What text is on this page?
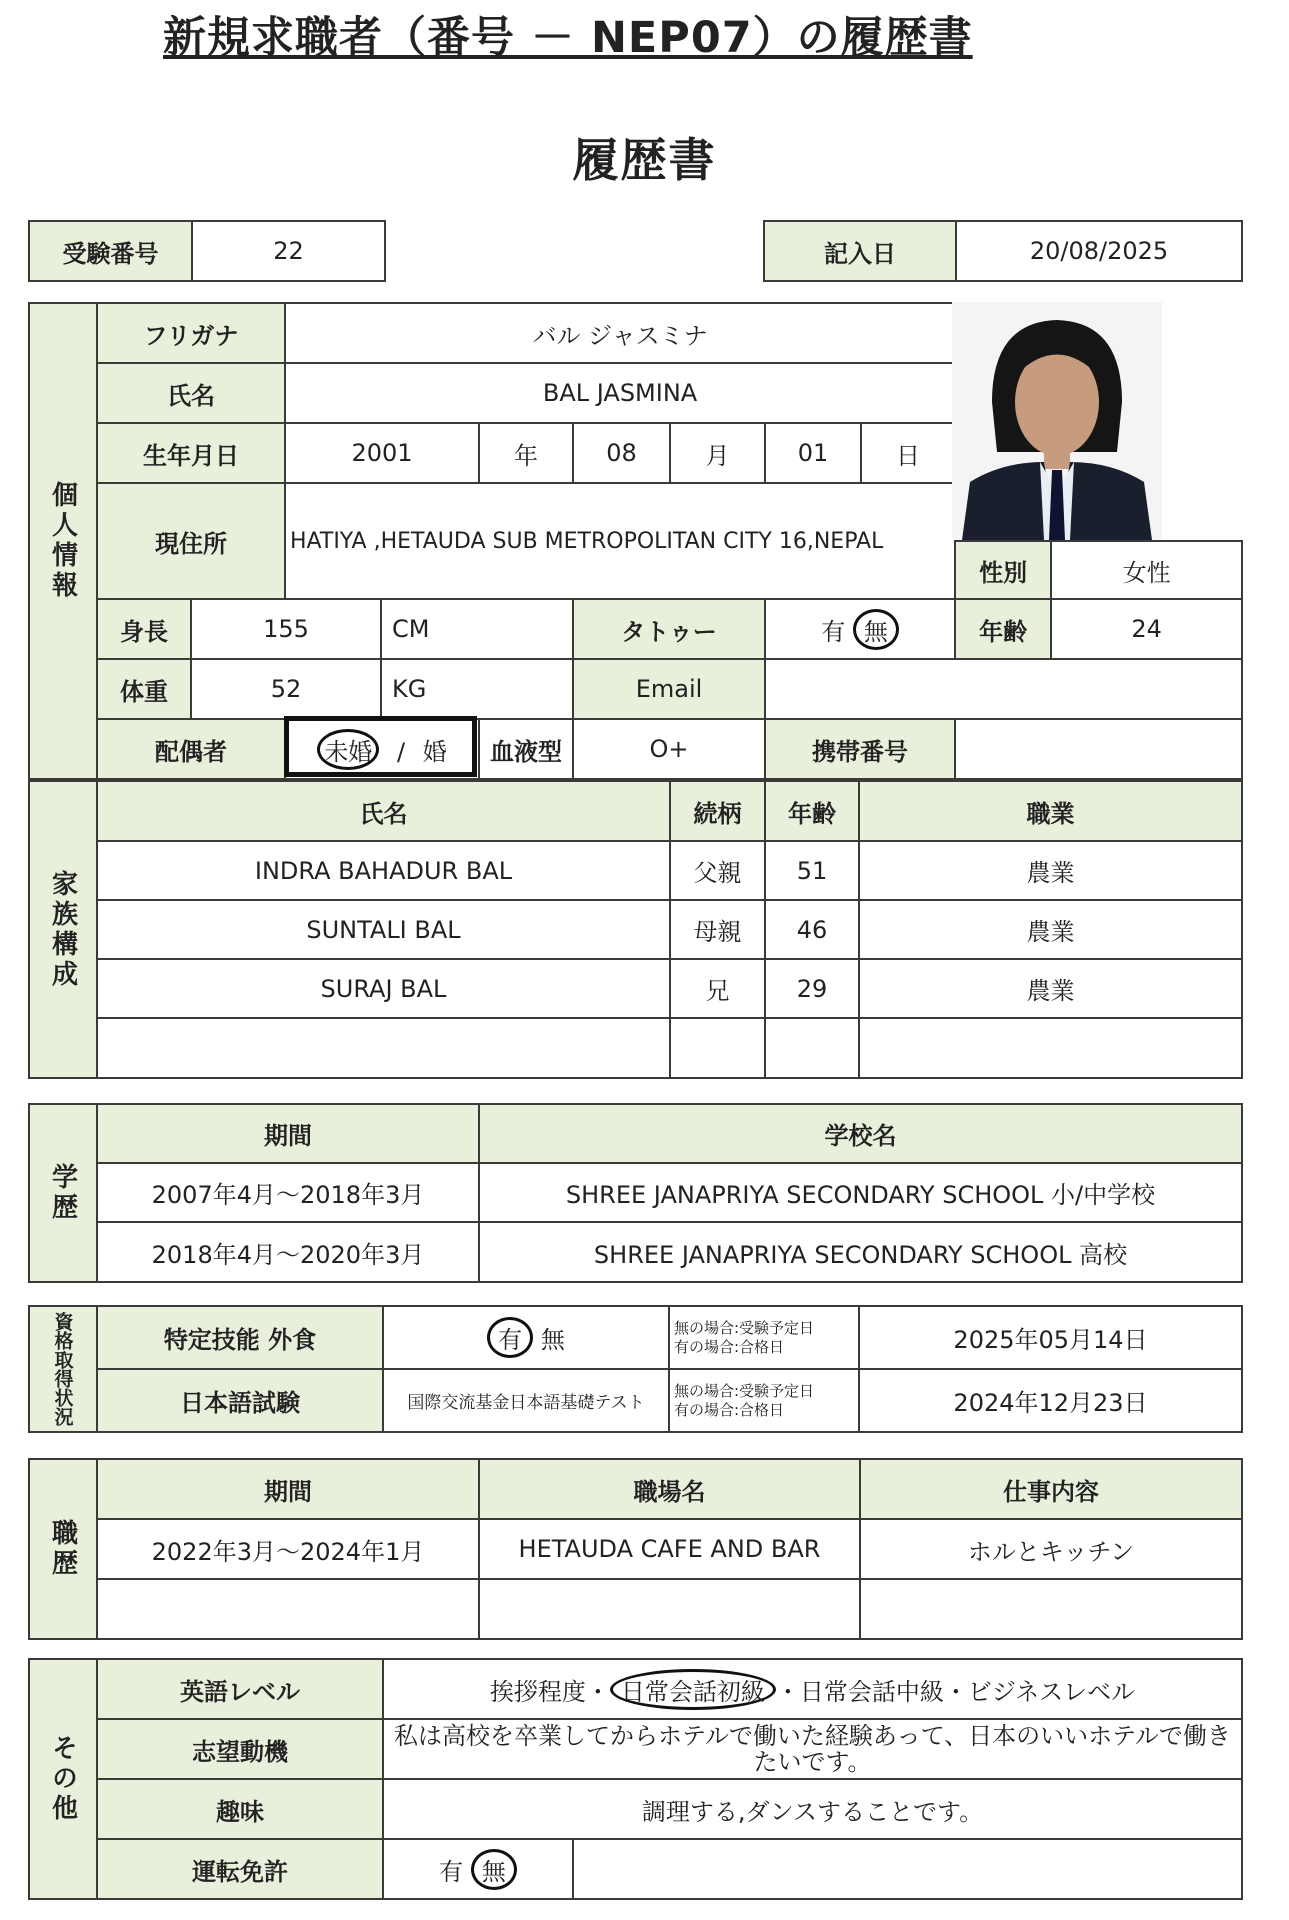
新規求職者（番号 － NEP07）の履歴書
履歴書
受験番号	22	記入日	20/08/2025
個人情報	フリガナ		バル ジャスミナ								
	氏名		BAL JASMINA								
	生年月日		2001		年	08	月	01	日		
	現住所		HATIYA ,HETAUDA SUB METROPOLITAN CITY 16,NEPAL								
										性別	女性
	身長	155		CM		タトゥー		有 無		年齢	24
	体重	52		KG		Email					
	配偶者		未婚 / 婚		血液型	O+		携帯番号			
家族構成	氏名	続柄	年齢	職業
	INDRA BAHADUR BAL	父親	51	農業
	SUNTALI BAL	母親	46	農業
	SURAJ BAL	兄	29	農業

学歴	期間	学校名
	2007年4月～2018年3月	SHREE JANAPRIYA SECONDARY SCHOOL 小/中学校
	2018年4月～2020年3月	SHREE JANAPRIYA SECONDARY SCHOOL 高校
資格取得状況	特定技能 外食	有 無	無の場合:受験予定日
有の場合:合格日	2025年05月14日
	日本語試験	国際交流基金日本語基礎テスト	無の場合:受験予定日
有の場合:合格日	2024年12月23日
職歴	期間	職場名	仕事内容
	2022年3月～2024年1月	HETAUDA CAFE AND BAR	ホルとキッチン

その他	英語レベル	挨拶程度・ 日常会話初級 ・日常会話中級・ビジネスレベル	
	志望動機	私は高校を卒業してからホテルで働いた経験あって、日本のいいホテルで働きたいです。	
	趣味	調理する,ダンスすることです。	
	運転免許	有 無	
